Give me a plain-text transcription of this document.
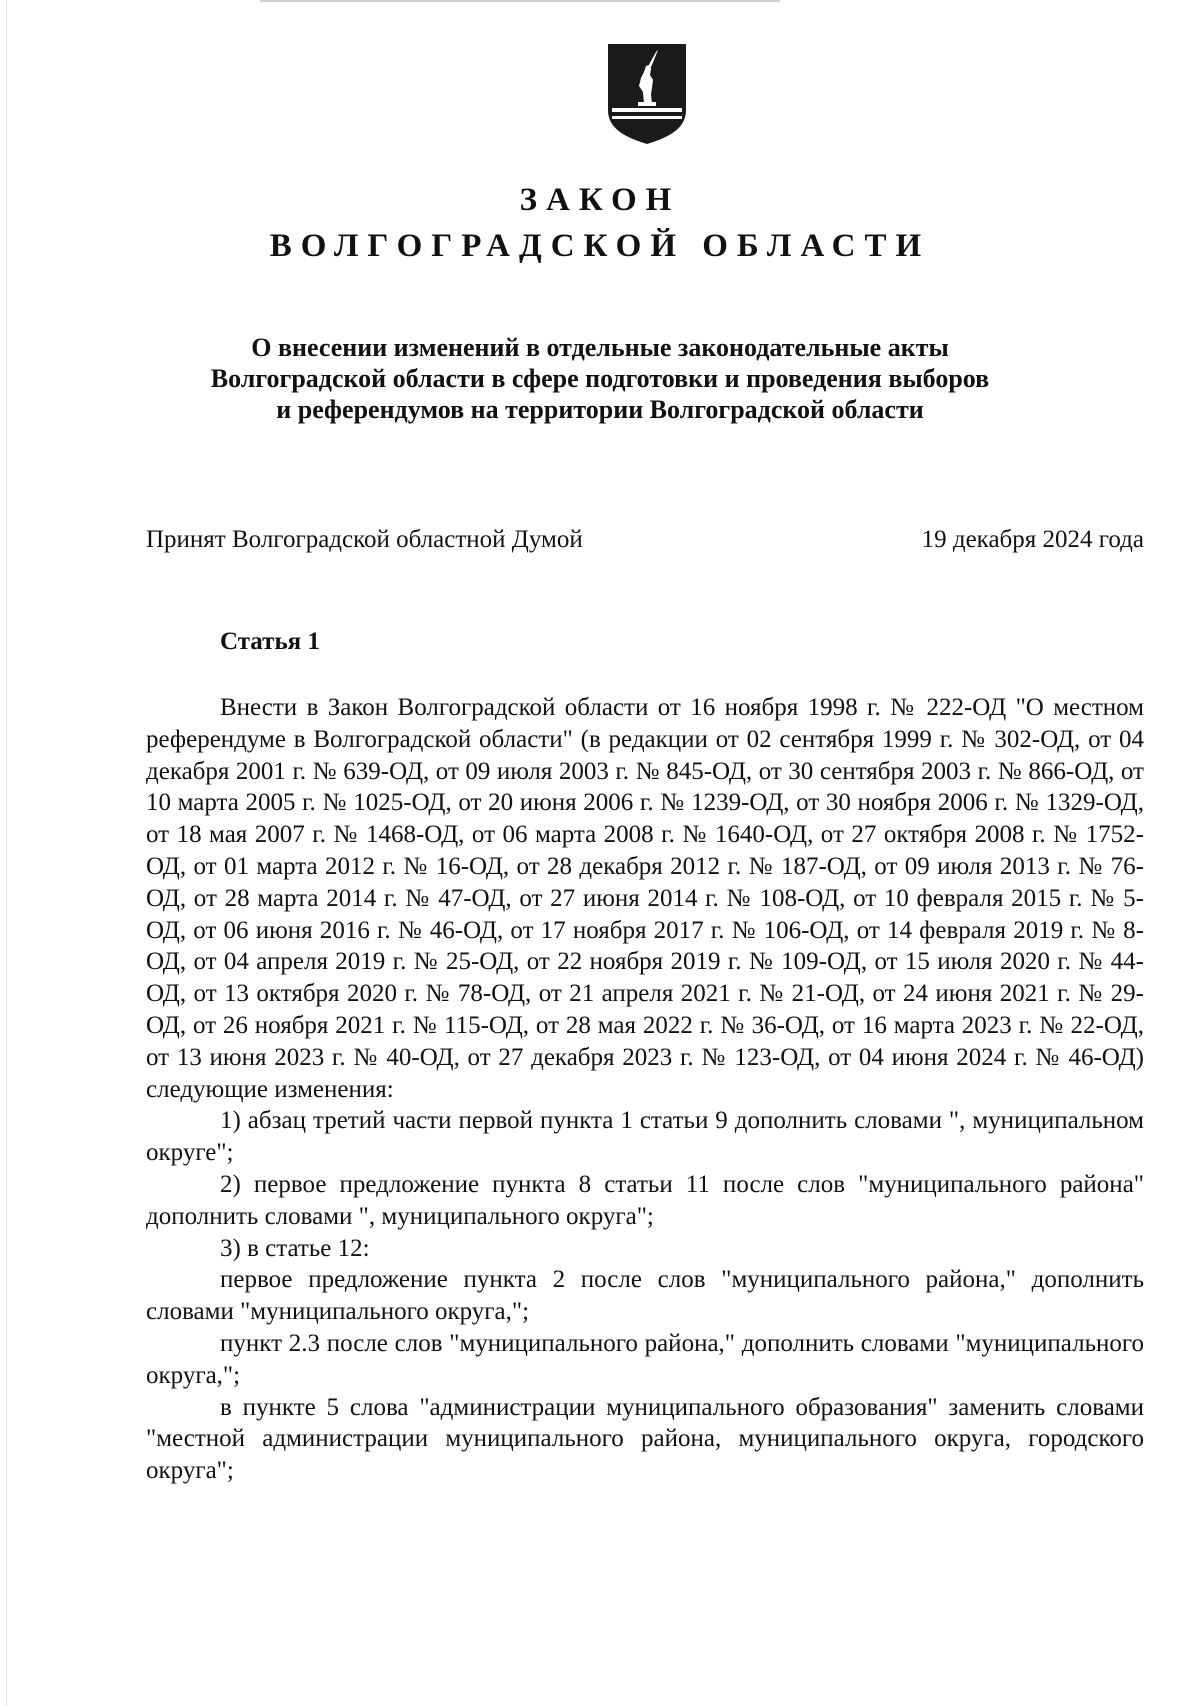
ЗАКОН
ВОЛГОГРАДСКОЙ ОБЛАСТИ
О внесении изменений в отдельные законодательные акты
Волгоградской области в сфере подготовки и проведения выборов
и референдумов на территории Волгоградской области
Принят Волгоградской областной Думой	19 декабря 2024 года
Статья 1

Внести в Закон Волгоградской области от 16 ноября 1998 г. № 222-ОД "О местном референдуме в Волгоградской области" (в редакции от 02 сентября 1999 г. № 302-ОД, от 04 декабря 2001 г. № 639-ОД, от 09 июля 2003 г. № 845-ОД, от 30 сентября 2003 г. № 866-ОД, от 10 марта 2005 г. № 1025-ОД, от 20 июня 2006 г. № 1239-ОД, от 30 ноября 2006 г. № 1329-ОД, от 18 мая 2007 г. № 1468-ОД, от 06 марта 2008 г. № 1640-ОД, от 27 октября 2008 г. № 1752-ОД, от 01 марта 2012 г. № 16-ОД, от 28 декабря 2012 г. № 187-ОД, от 09 июля 2013 г. № 76-ОД, от 28 марта 2014 г. № 47-ОД, от 27 июня 2014 г. № 108-ОД, от 10 февраля 2015 г. № 5-ОД, от 06 июня 2016 г. № 46-ОД, от 17 ноября 2017 г. № 106-ОД, от 14 февраля 2019 г. № 8-ОД, от 04 апреля 2019 г. № 25-ОД, от 22 ноября 2019 г. № 109-ОД, от 15 июля 2020 г. № 44-ОД, от 13 октября 2020 г. № 78-ОД, от 21 апреля 2021 г. № 21-ОД, от 24 июня 2021 г. № 29-ОД, от 26 ноября 2021 г. № 115-ОД, от 28 мая 2022 г. № 36-ОД, от 16 марта 2023 г. № 22-ОД, от 13 июня 2023 г. № 40-ОД, от 27 декабря 2023 г. № 123-ОД, от 04 июня 2024 г. № 46-ОД) следующие изменения:

1) абзац третий части первой пункта 1 статьи 9 дополнить словами ", муниципальном округе";

2) первое предложение пункта 8 статьи 11 после слов "муниципального района" дополнить словами ", муниципального округа";

3) в статье 12:

первое предложение пункта 2 после слов "муниципального района," дополнить словами "муниципального округа,";

пункт 2.3 после слов "муниципального района," дополнить словами "муниципального округа,";

в пункте 5 слова "администрации муниципального образования" заменить словами "местной администрации муниципального района, муниципального округа, городского округа";
